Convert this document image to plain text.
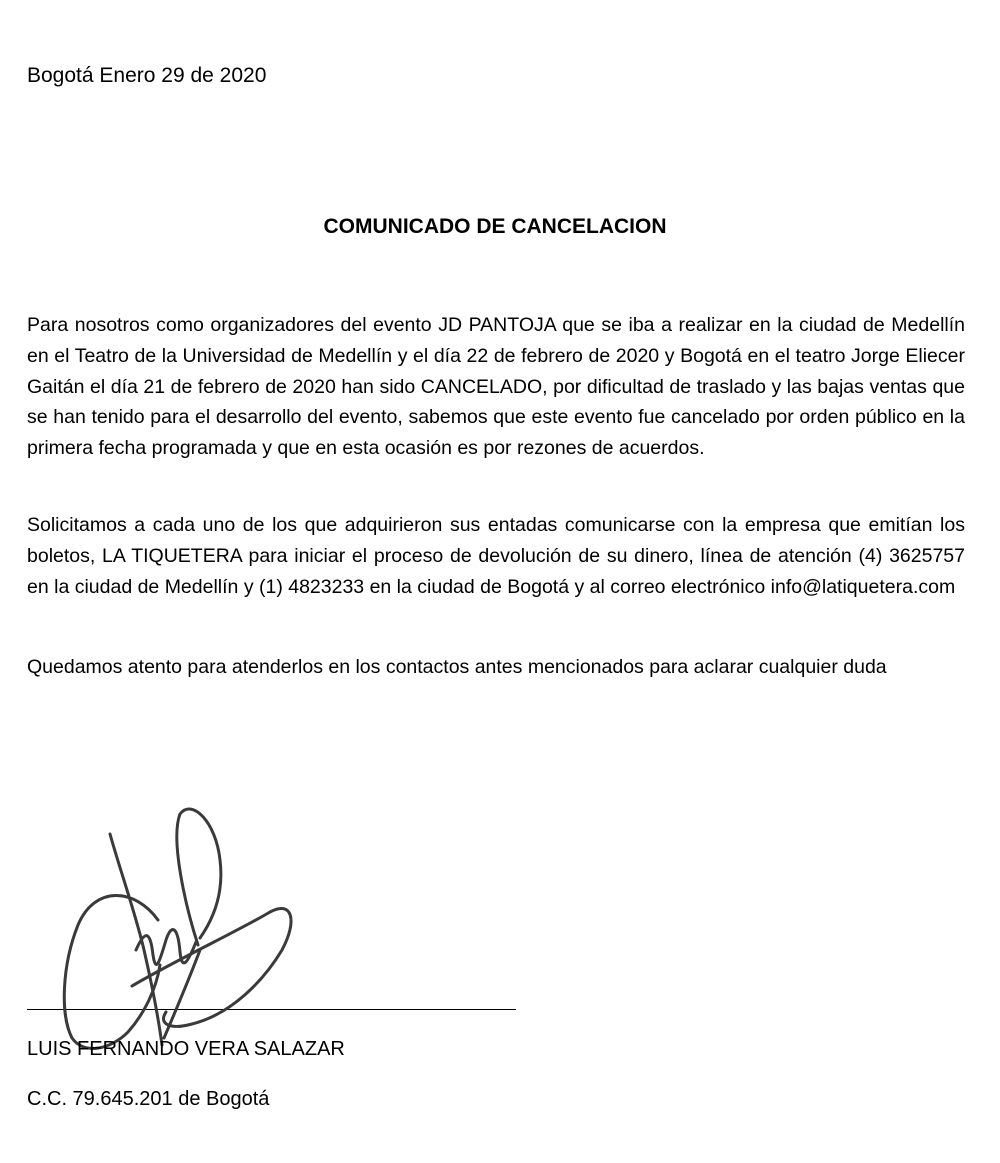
Bogotá Enero 29 de 2020
COMUNICADO DE CANCELACION

Para nosotros como organizadores del evento JD PANTOJA que se iba a realizar en la ciudad de Medellín en el Teatro de la Universidad de Medellín y el día 22 de febrero de 2020 y Bogotá en el teatro Jorge Eliecer Gaitán el día 21 de febrero de 2020 han sido CANCELADO, por dificultad de traslado y las bajas ventas que se han tenido para el desarrollo del evento, sabemos que este evento fue cancelado por orden público en la primera fecha programada y que en esta ocasión es por rezones de acuerdos.

Solicitamos a cada uno de los que adquirieron sus entadas comunicarse con la empresa que emitían los boletos, LA TIQUETERA para iniciar el proceso de devolución de su dinero, línea de atención (4) 3625757 en la ciudad de Medellín y (1) 4823233 en la ciudad de Bogotá y al correo electrónico info@latiquetera.com

Quedamos atento para atenderlos en los contactos antes mencionados para aclarar cualquier duda
LUIS FERNANDO VERA SALAZAR
C.C. 79.645.201 de Bogotá
